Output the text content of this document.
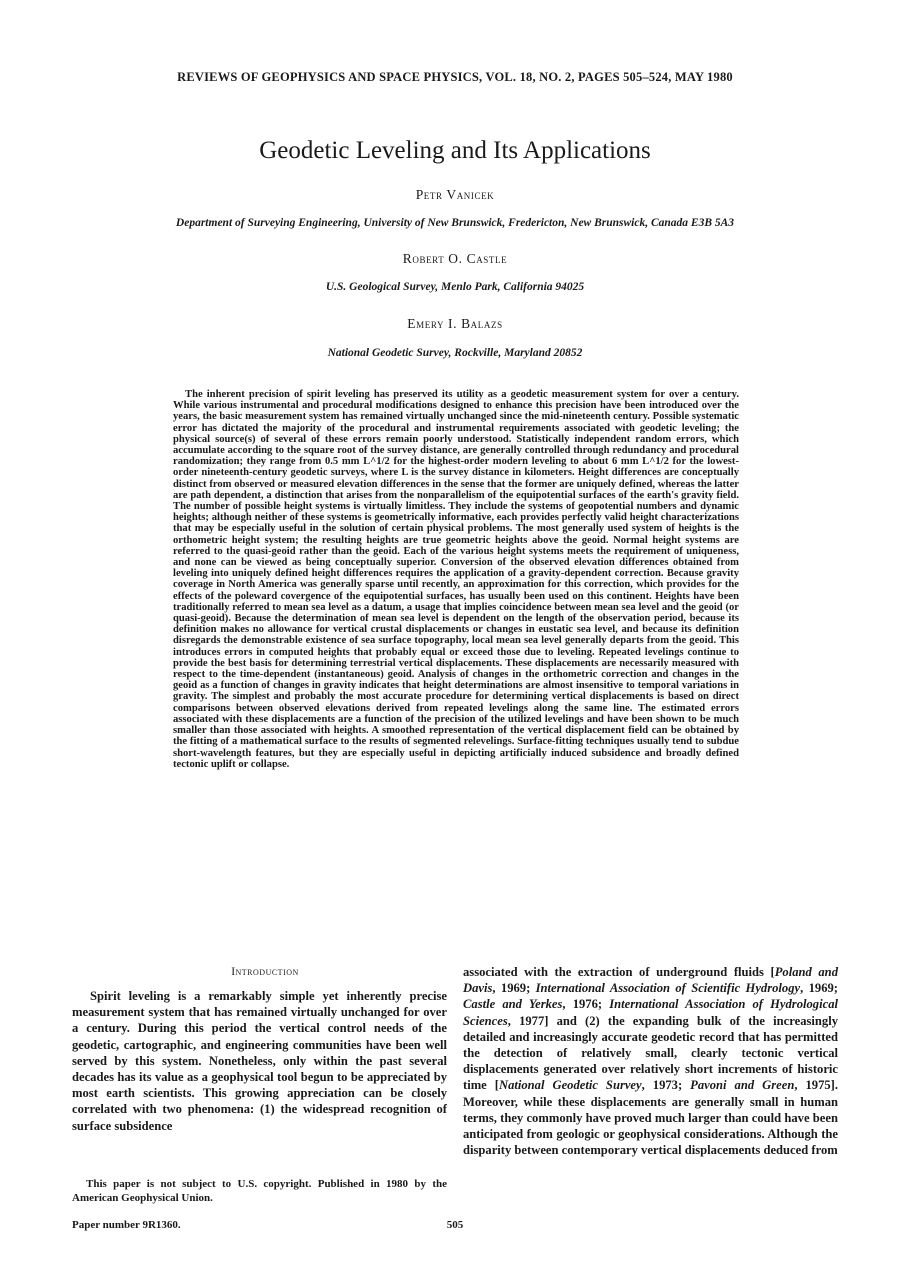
REVIEWS OF GEOPHYSICS AND SPACE PHYSICS, VOL. 18, NO. 2, PAGES 505–524, MAY 1980
Geodetic Leveling and Its Applications
Petr Vanicek
Department of Surveying Engineering, University of New Brunswick, Fredericton, New Brunswick, Canada E3B 5A3
Robert O. Castle
U.S. Geological Survey, Menlo Park, California 94025
Emery I. Balazs
National Geodetic Survey, Rockville, Maryland 20852
The inherent precision of spirit leveling has preserved its utility as a geodetic measurement system for over a century. While various instrumental and procedural modifications designed to enhance this precision have been introduced over the years, the basic measurement system has remained virtually unchanged since the mid-nineteenth century. Possible systematic error has dictated the majority of the procedural and instrumental requirements associated with geodetic leveling; the physical source(s) of several of these errors remain poorly understood. Statistically independent random errors, which accumulate according to the square root of the survey distance, are generally controlled through redundancy and procedural randomization; they range from 0.5 mm L^1/2 for the highest-order modern leveling to about 6 mm L^1/2 for the lowest-order nineteenth-century geodetic surveys, where L is the survey distance in kilometers. Height differences are conceptually distinct from observed or measured elevation differences in the sense that the former are uniquely defined, whereas the latter are path dependent, a distinction that arises from the nonparallelism of the equipotential surfaces of the earth's gravity field. The number of possible height systems is virtually limitless. They include the systems of geopotential numbers and dynamic heights; although neither of these systems is geometrically informative, each provides perfectly valid height characterizations that may be especially useful in the solution of certain physical problems. The most generally used system of heights is the orthometric height system; the resulting heights are true geometric heights above the geoid. Normal height systems are referred to the quasi-geoid rather than the geoid. Each of the various height systems meets the requirement of uniqueness, and none can be viewed as being conceptually superior. Conversion of the observed elevation differences obtained from leveling into uniquely defined height differences requires the application of a gravity-dependent correction. Because gravity coverage in North America was generally sparse until recently, an approximation for this correction, which provides for the effects of the poleward covergence of the equipotential surfaces, has usually been used on this continent. Heights have been traditionally referred to mean sea level as a datum, a usage that implies coincidence between mean sea level and the geoid (or quasi-geoid). Because the determination of mean sea level is dependent on the length of the observation period, because its definition makes no allowance for vertical crustal displacements or changes in eustatic sea level, and because its definition disregards the demonstrable existence of sea surface topography, local mean sea level generally departs from the geoid. This introduces errors in computed heights that probably equal or exceed those due to leveling. Repeated levelings continue to provide the best basis for determining terrestrial vertical displacements. These displacements are necessarily measured with respect to the time-dependent (instantaneous) geoid. Analysis of changes in the orthometric correction and changes in the geoid as a function of changes in gravity indicates that height determinations are almost insensitive to temporal variations in gravity. The simplest and probably the most accurate procedure for determining vertical displacements is based on direct comparisons between observed elevations derived from repeated levelings along the same line. The estimated errors associated with these displacements are a function of the precision of the utilized levelings and have been shown to be much smaller than those associated with heights. A smoothed representation of the vertical displacement field can be obtained by the fitting of a mathematical surface to the results of segmented relevelings. Surface-fitting techniques usually tend to subdue short-wavelength features, but they are especially useful in depicting artificially induced subsidence and broadly defined tectonic uplift or collapse.
Introduction
Spirit leveling is a remarkably simple yet inherently precise measurement system that has remained virtually unchanged for over a century. During this period the vertical control needs of the geodetic, cartographic, and engineering communities have been well served by this system. Nonetheless, only within the past several decades has its value as a geophysical tool begun to be appreciated by most earth scientists. This growing appreciation can be closely correlated with two phenomena: (1) the widespread recognition of surface subsidence
associated with the extraction of underground fluids [Poland and Davis, 1969; International Association of Scientific Hydrology, 1969; Castle and Yerkes, 1976; International Association of Hydrological Sciences, 1977] and (2) the expanding bulk of the increasingly detailed and increasingly accurate geodetic record that has permitted the detection of relatively small, clearly tectonic vertical displacements generated over relatively short increments of historic time [National Geodetic Survey, 1973; Pavoni and Green, 1975]. Moreover, while these displacements are generally small in human terms, they commonly have proved much larger than could have been anticipated from geologic or geophysical considerations. Although the disparity between contemporary vertical displacements deduced from
This paper is not subject to U.S. copyright. Published in 1980 by the American Geophysical Union.
Paper number 9R1360.	505
